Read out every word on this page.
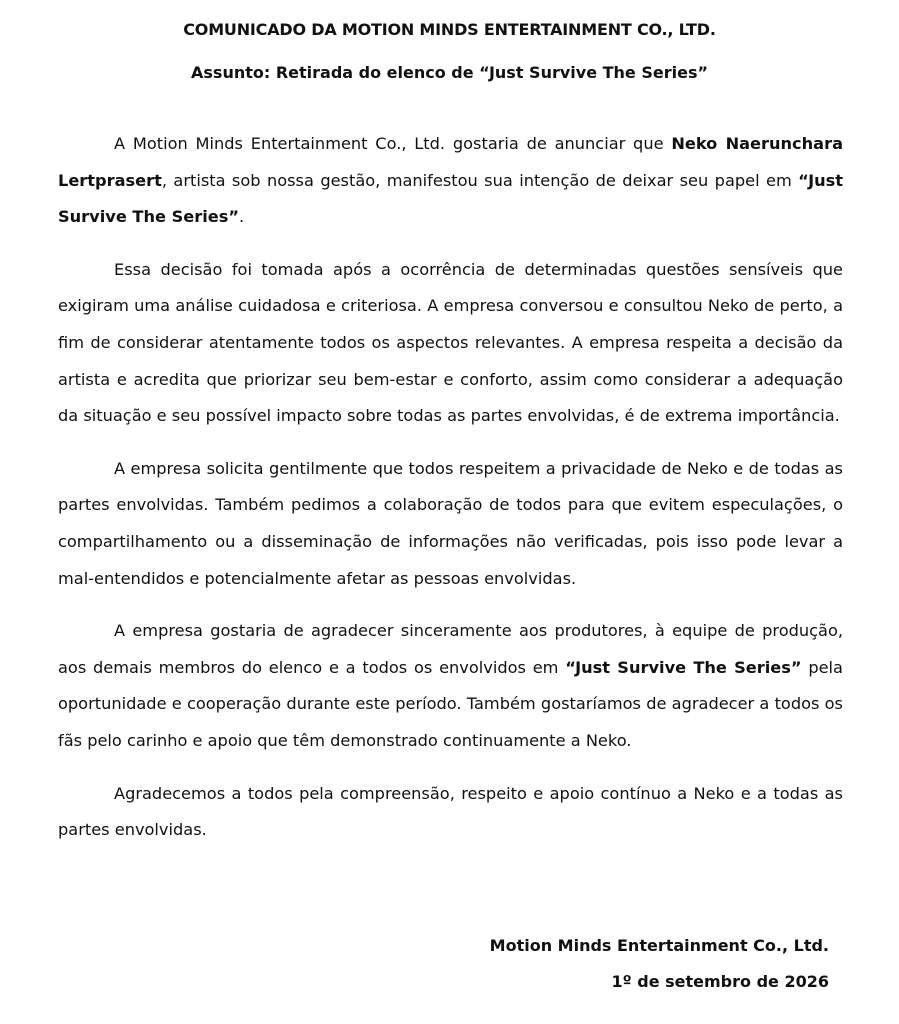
COMUNICADO DA MOTION MINDS ENTERTAINMENT CO., LTD.
Assunto: Retirada do elenco de “Just Survive The Series”

A Motion Minds Entertainment Co., Ltd. gostaria de anunciar que Neko Naerunchara Lertprasert, artista sob nossa gestão, manifestou sua intenção de deixar seu papel em “Just Survive The Series”.

Essa decisão foi tomada após a ocorrência de determinadas questões sensíveis que exigiram uma análise cuidadosa e criteriosa. A empresa conversou e consultou Neko de perto, a fim de considerar atentamente todos os aspectos relevantes. A empresa respeita a decisão da artista e acredita que priorizar seu bem-estar e conforto, assim como considerar a adequação da situação e seu possível impacto sobre todas as partes envolvidas, é de extrema importância.

A empresa solicita gentilmente que todos respeitem a privacidade de Neko e de todas as partes envolvidas. Também pedimos a colaboração de todos para que evitem especulações, o compartilhamento ou a disseminação de informações não verificadas, pois isso pode levar a mal-entendidos e potencialmente afetar as pessoas envolvidas.

A empresa gostaria de agradecer sinceramente aos produtores, à equipe de produção, aos demais membros do elenco e a todos os envolvidos em “Just Survive The Series” pela oportunidade e cooperação durante este período. Também gostaríamos de agradecer a todos os fãs pelo carinho e apoio que têm demonstrado continuamente a Neko.

Agradecemos a todos pela compreensão, respeito e apoio contínuo a Neko e a todas as partes envolvidas.

Motion Minds Entertainment Co., Ltd.
1º de setembro de 2026
